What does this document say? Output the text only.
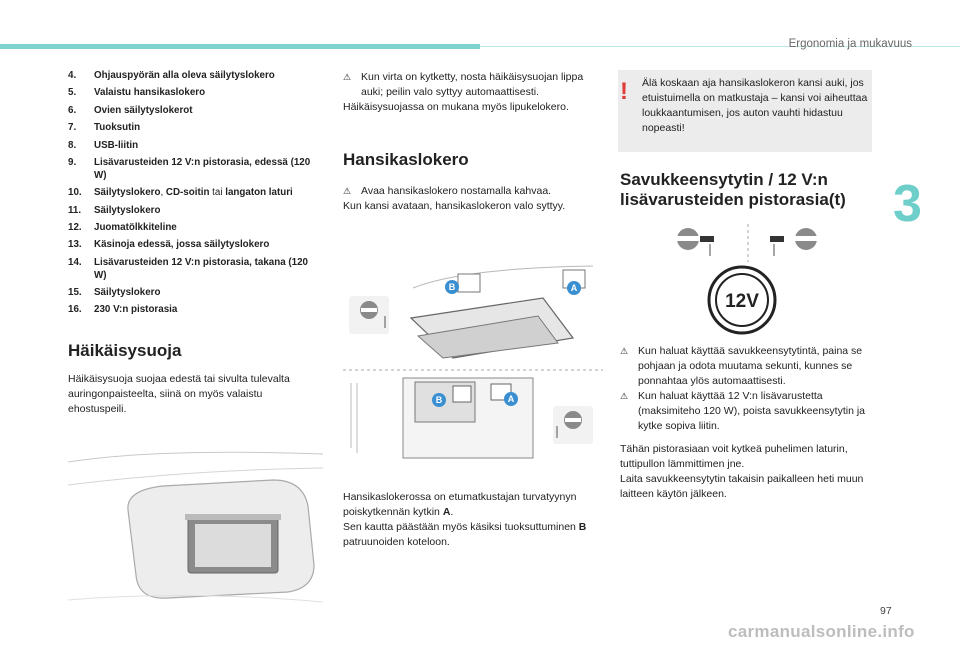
Ergonomia ja mukavuus
3
97
carmanualsonline.info
4.	Ohjauspyörän alla oleva säilytyslokero
5.	Valaistu hansikaslokero
6.	Ovien säilytyslokerot
7.	Tuoksutin
8.	USB-liitin
9.	Lisävarusteiden 12 V:n pistorasia, edessä (120 W)
10.	Säilytyslokero, CD-soitin tai langaton laturi
11.	Säilytyslokero
12.	Juomatölkkiteline
13.	Käsinoja edessä, jossa säilytyslokero
14.	Lisävarusteiden 12 V:n pistorasia, takana (120 W)
15.	Säilytyslokero
16.	230 V:n pistorasia
Häikäisysuoja
Häikäisysuoja suojaa edestä tai sivulta tulevalta auringonpaisteelta, siinä on myös valaistu ehostuspeili.
⚠︎ Kun virta on kytketty, nosta häikäisysuojan lippa auki; peilin valo syttyy automaattisesti.
Häikäisysuojassa on mukana myös lipukelokero.
Hansikaslokero
⚠︎ Avaa hansikaslokero nostamalla kahvaa.
Kun kansi avataan, hansikaslokeron valo syttyy.
B	A
B	A
Hansikaslokerossa on etumatkustajan turvatyynyn poiskytkennän kytkin A.
Sen kautta päästään myös käsiksi tuoksuttuminen B patruunoiden koteloon.
! Älä koskaan aja hansikaslokeron kansi auki, jos etuistuimella on matkustaja – kansi voi aiheuttaa loukkaantumisen, jos auton vauhti hidastuu nopeasti!
Savukkeensytytin / 12 V:n lisävarusteiden pistorasia(t)
12V
⚠︎ Kun haluat käyttää savukkeensytytintä, paina se pohjaan ja odota muutama sekunti, kunnes se ponnahtaa ylös automaattisesti.
⚠︎ Kun haluat käyttää 12 V:n lisävarustetta (maksimiteho 120 W), poista savukkeensytytin ja kytke sopiva liitin.
Tähän pistorasiaan voit kytkeä puhelimen laturin, tuttipullon lämmittimen jne.
Laita savukkeensytytin takaisin paikalleen heti muun laitteen käytön jälkeen.
